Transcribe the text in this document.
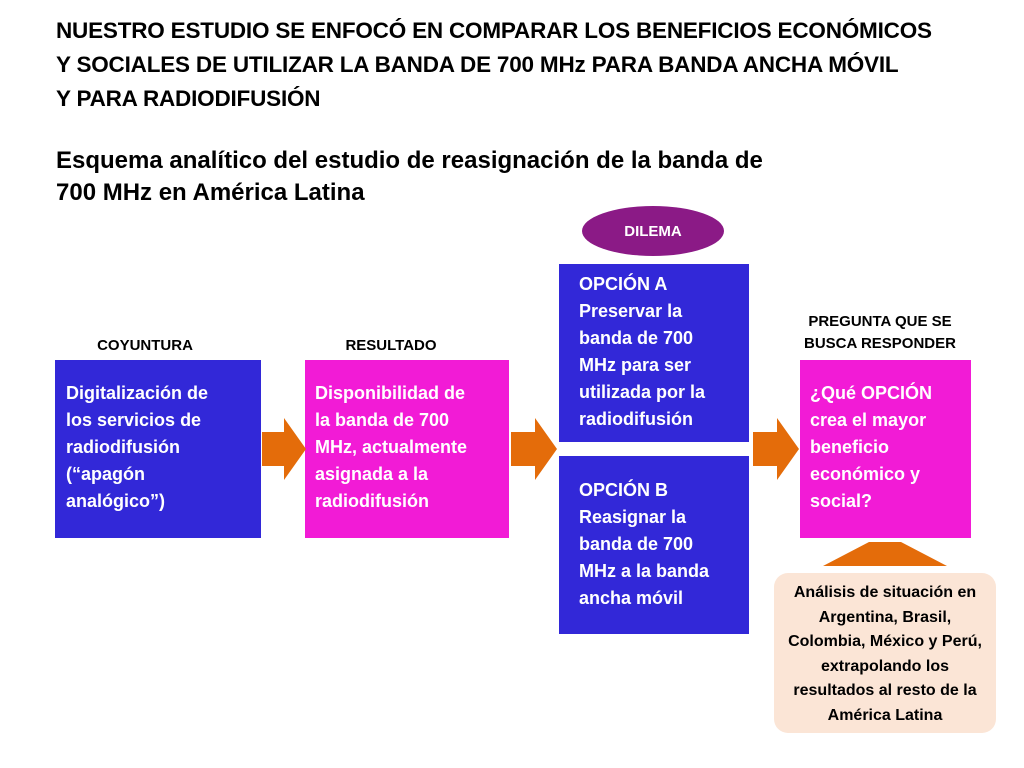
NUESTRO ESTUDIO SE ENFOCÓ EN COMPARAR LOS BENEFICIOS ECONÓMICOS
Y SOCIALES DE UTILIZAR LA BANDA DE 700 MHz PARA BANDA ANCHA MÓVIL
Y PARA RADIODIFUSIÓN
Esquema analítico del estudio de reasignación de la banda de
700 MHz en América Latina
COYUNTURA	RESULTADO
PREGUNTA QUE SE
BUSCA RESPONDER
DILEMA
Digitalización de
los servicios de
radiodifusión
(“apagón
analógico”)
Disponibilidad de
la banda de 700
MHz, actualmente
asignada a la
radiodifusión
OPCIÓN A
Preservar la
banda de 700
MHz para ser
utilizada por la
radiodifusión
OPCIÓN B
Reasignar la
banda de 700
MHz a la banda
ancha móvil
¿Qué OPCIÓN
crea el mayor
beneficio
económico y
social?
Análisis de situación en
Argentina, Brasil,
Colombia, México y Perú,
extrapolando los
resultados al resto de la
América Latina
